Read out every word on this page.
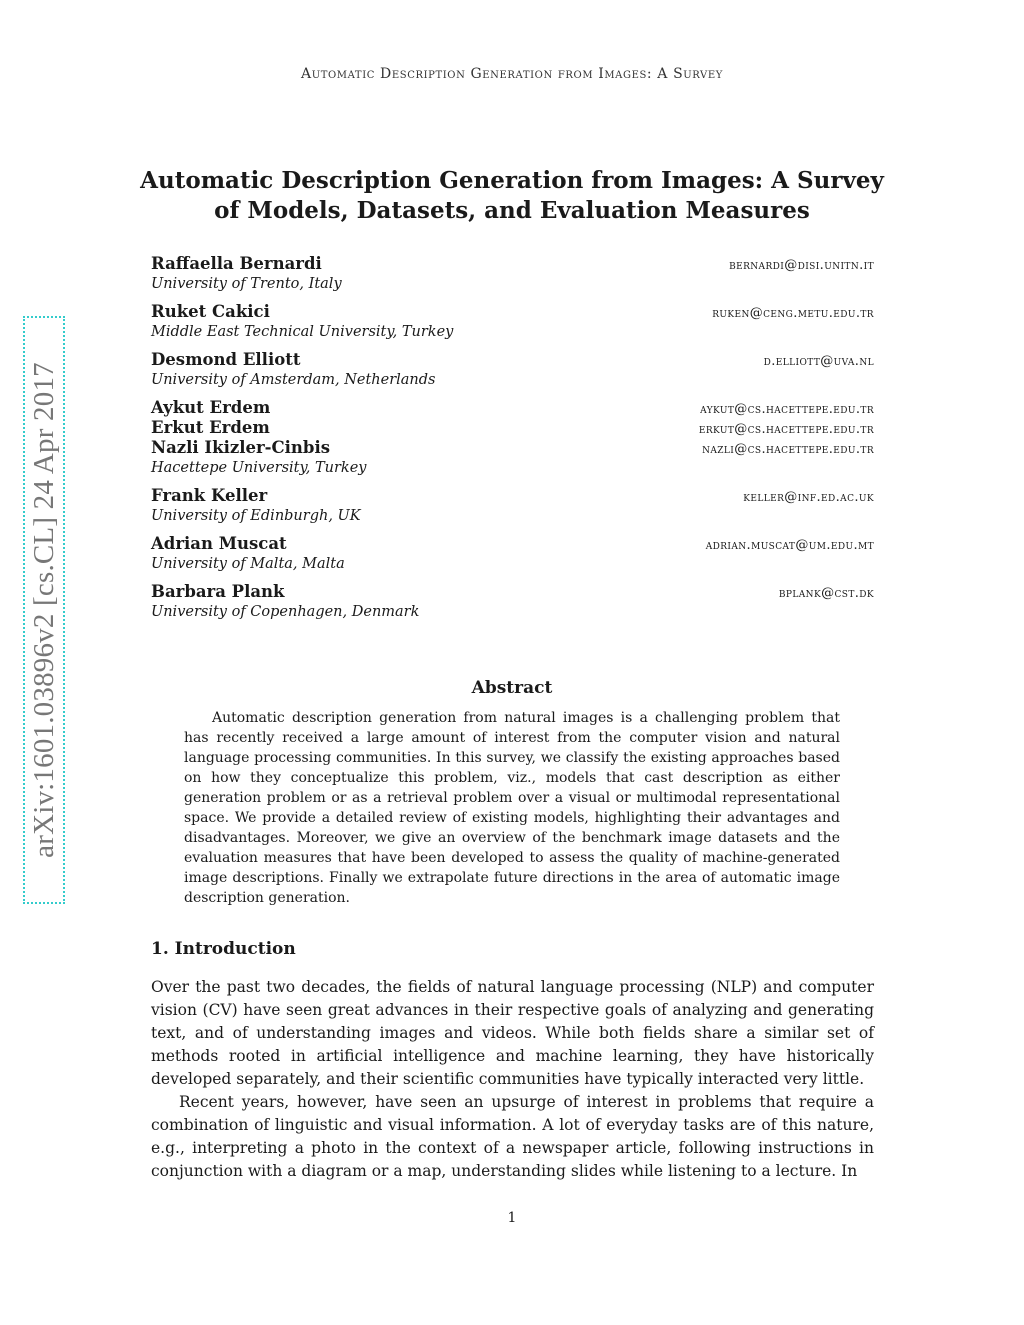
Automatic Description Generation from Images: A Survey
Automatic Description Generation from Images: A Survey of Models, Datasets, and Evaluation Measures
arXiv:1601.03896v2 [cs.CL] 24 Apr 2017
Raffaella Bernardi	bernardi@disi.unitn.it
University of Trento, Italy
Ruket Cakici	ruken@ceng.metu.edu.tr
Middle East Technical University, Turkey
Desmond Elliott	d.elliott@uva.nl
University of Amsterdam, Netherlands
Aykut Erdem	aykut@cs.hacettepe.edu.tr
Erkut Erdem	erkut@cs.hacettepe.edu.tr
Nazli Ikizler-Cinbis	nazli@cs.hacettepe.edu.tr
Hacettepe University, Turkey
Frank Keller	keller@inf.ed.ac.uk
University of Edinburgh, UK
Adrian Muscat	adrian.muscat@um.edu.mt
University of Malta, Malta
Barbara Plank	bplank@cst.dk
University of Copenhagen, Denmark
Abstract

Automatic description generation from natural images is a challenging problem that has recently received a large amount of interest from the computer vision and natural language processing communities. In this survey, we classify the existing approaches based on how they conceptualize this problem, viz., models that cast description as either generation problem or as a retrieval problem over a visual or multimodal representational space. We provide a detailed review of existing models, highlighting their advantages and disadvantages. Moreover, we give an overview of the benchmark image datasets and the evaluation measures that have been developed to assess the quality of machine-generated image descriptions. Finally we extrapolate future directions in the area of automatic image description generation.

1. Introduction

Over the past two decades, the fields of natural language processing (NLP) and computer vision (CV) have seen great advances in their respective goals of analyzing and generating text, and of understanding images and videos. While both fields share a similar set of methods rooted in artificial intelligence and machine learning, they have historically developed separately, and their scientific communities have typically interacted very little.

Recent years, however, have seen an upsurge of interest in problems that require a combination of linguistic and visual information. A lot of everyday tasks are of this nature, e.g., interpreting a photo in the context of a newspaper article, following instructions in conjunction with a diagram or a map, understanding slides while listening to a lecture. In

1
